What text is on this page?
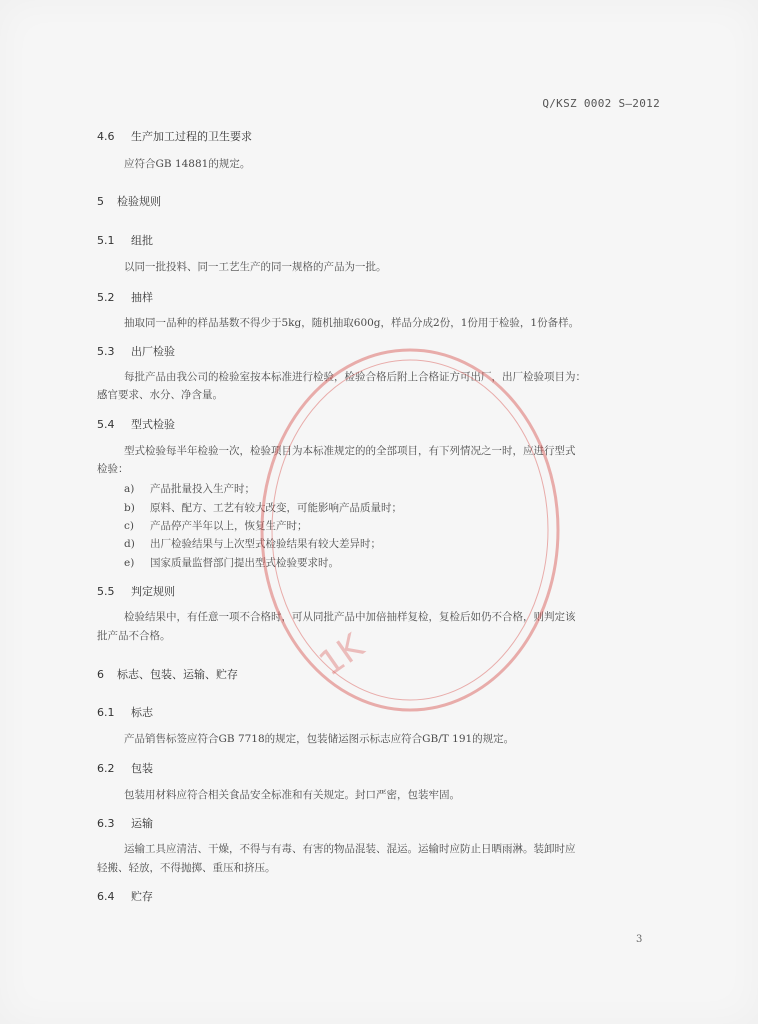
Q/KSZ 0002 S—2012
4.6 生产加工过程的卫生要求
应符合GB 14881的规定。
5 检验规则
5.1 组批
以同一批投料、同一工艺生产的同一规格的产品为一批。
5.2 抽样
抽取同一品种的样品基数不得少于5kg，随机抽取600g，样品分成2份，1份用于检验，1份备样。
5.3 出厂检验
每批产品由我公司的检验室按本标准进行检验，检验合格后附上合格证方可出厂，出厂检验项目为：
感官要求、水分、净含量。
5.4 型式检验
型式检验每半年检验一次，检验项目为本标准规定的的全部项目，有下列情况之一时，应进行型式
检验：
a) 产品批量投入生产时；
b) 原料、配方、工艺有较大改变，可能影响产品质量时；
c) 产品停产半年以上，恢复生产时；
d) 出厂检验结果与上次型式检验结果有较大差异时；
e) 国家质量监督部门提出型式检验要求时。
5.5 判定规则
检验结果中，有任意一项不合格时，可从同批产品中加倍抽样复检，复检后如仍不合格，则判定该
批产品不合格。
6 标志、包装、运输、贮存
6.1 标志
产品销售标签应符合GB 7718的规定，包装储运图示标志应符合GB/T 191的规定。
6.2 包装
包装用材料应符合相关食品安全标准和有关规定。封口严密，包装牢固。
6.3 运输
运输工具应清洁、干燥，不得与有毒、有害的物品混装、混运。运输时应防止日晒雨淋。装卸时应
轻搬、轻放，不得抛掷、重压和挤压。
6.4 贮存
3
1K
